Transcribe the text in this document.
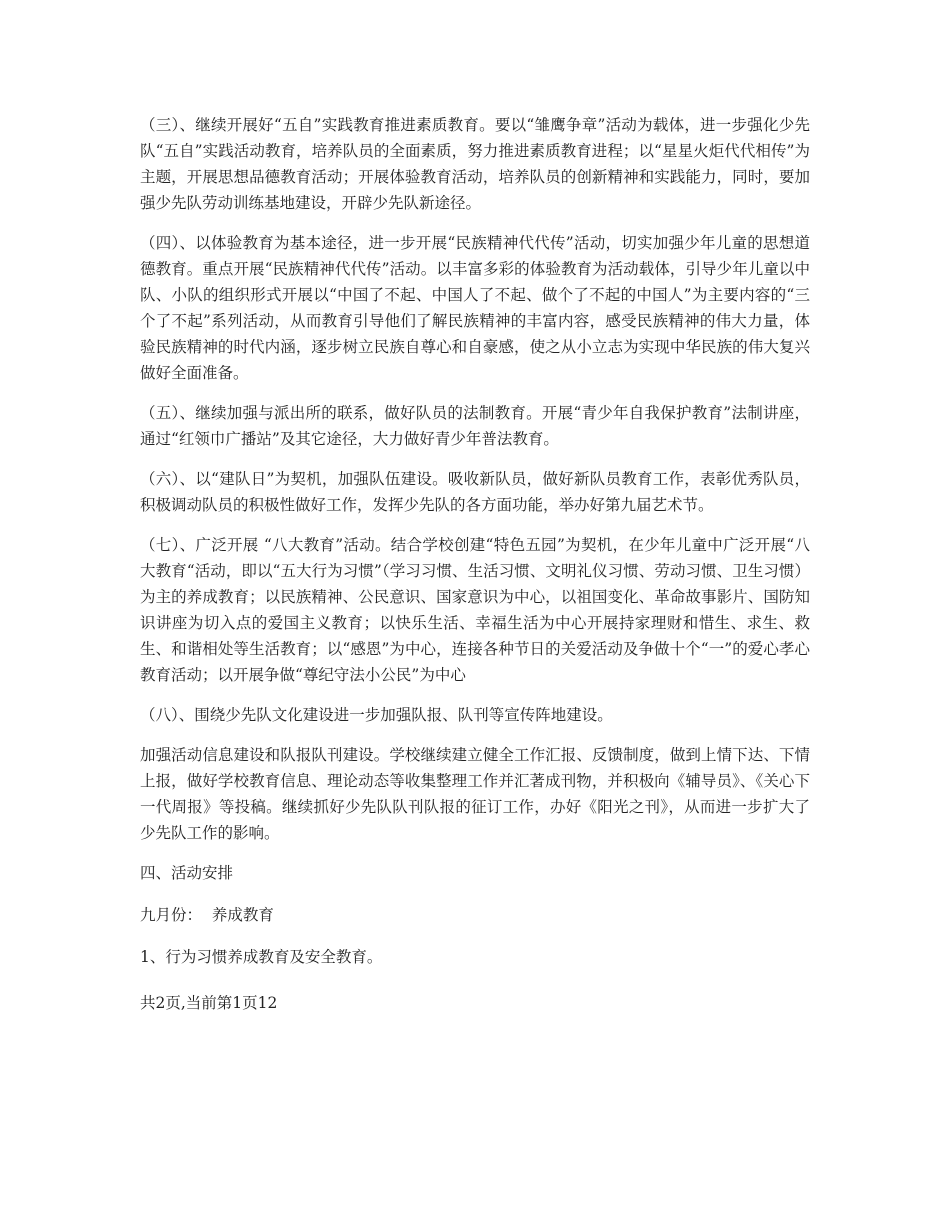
（三）、继续开展好“五自”实践教育推进素质教育。要以“雏鹰争章”活动为载体，进一步强化少先队“五自”实践活动教育，培养队员的全面素质，努力推进素质教育进程；以“星星火炬代代相传”为主题，开展思想品德教育活动；开展体验教育活动，培养队员的创新精神和实践能力，同时，要加强少先队劳动训练基地建设，开辟少先队新途径。

（四）、以体验教育为基本途径，进一步开展“民族精神代代传”活动，切实加强少年儿童的思想道德教育。重点开展“民族精神代代传”活动。以丰富多彩的体验教育为活动载体，引导少年儿童以中队、小队的组织形式开展以“中国了不起、中国人了不起、做个了不起的中国人”为主要内容的“三个了不起”系列活动，从而教育引导他们了解民族精神的丰富内容，感受民族精神的伟大力量，体验民族精神的时代内涵，逐步树立民族自尊心和自豪感，使之从小立志为实现中华民族的伟大复兴做好全面准备。

（五）、继续加强与派出所的联系，做好队员的法制教育。开展“青少年自我保护教育”法制讲座，通过“红领巾广播站”及其它途径，大力做好青少年普法教育。

（六）、以“建队日”为契机，加强队伍建设。吸收新队员，做好新队员教育工作，表彰优秀队员，积极调动队员的积极性做好工作，发挥少先队的各方面功能，举办好第九届艺术节。

（七）、广泛开展 “八大教育”活动。结合学校创建“特色五园”为契机，在少年儿童中广泛开展“八大教育“活动，即以“五大行为习惯”（学习习惯、生活习惯、文明礼仪习惯、劳动习惯、卫生习惯）为主的养成教育；以民族精神、公民意识、国家意识为中心，以祖国变化、革命故事影片、国防知识讲座为切入点的爱国主义教育；以快乐生活、幸福生活为中心开展持家理财和惜生、求生、救生、和谐相处等生活教育；以“感恩”为中心，连接各种节日的关爱活动及争做十个“一”的爱心孝心教育活动；以开展争做“尊纪守法小公民”为中心

（八）、围绕少先队文化建设进一步加强队报、队刊等宣传阵地建设。

加强活动信息建设和队报队刊建设。学校继续建立健全工作汇报、反馈制度，做到上情下达、下情上报，做好学校教育信息、理论动态等收集整理工作并汇著成刊物，并积极向《辅导员》、《关心下一代周报》等投稿。继续抓好少先队队刊队报的征订工作，办好《阳光之刊》，从而进一步扩大了少先队工作的影响。

四、活动安排

九月份：  养成教育

1、行为习惯养成教育及安全教育。

共2页,当前第1页12
